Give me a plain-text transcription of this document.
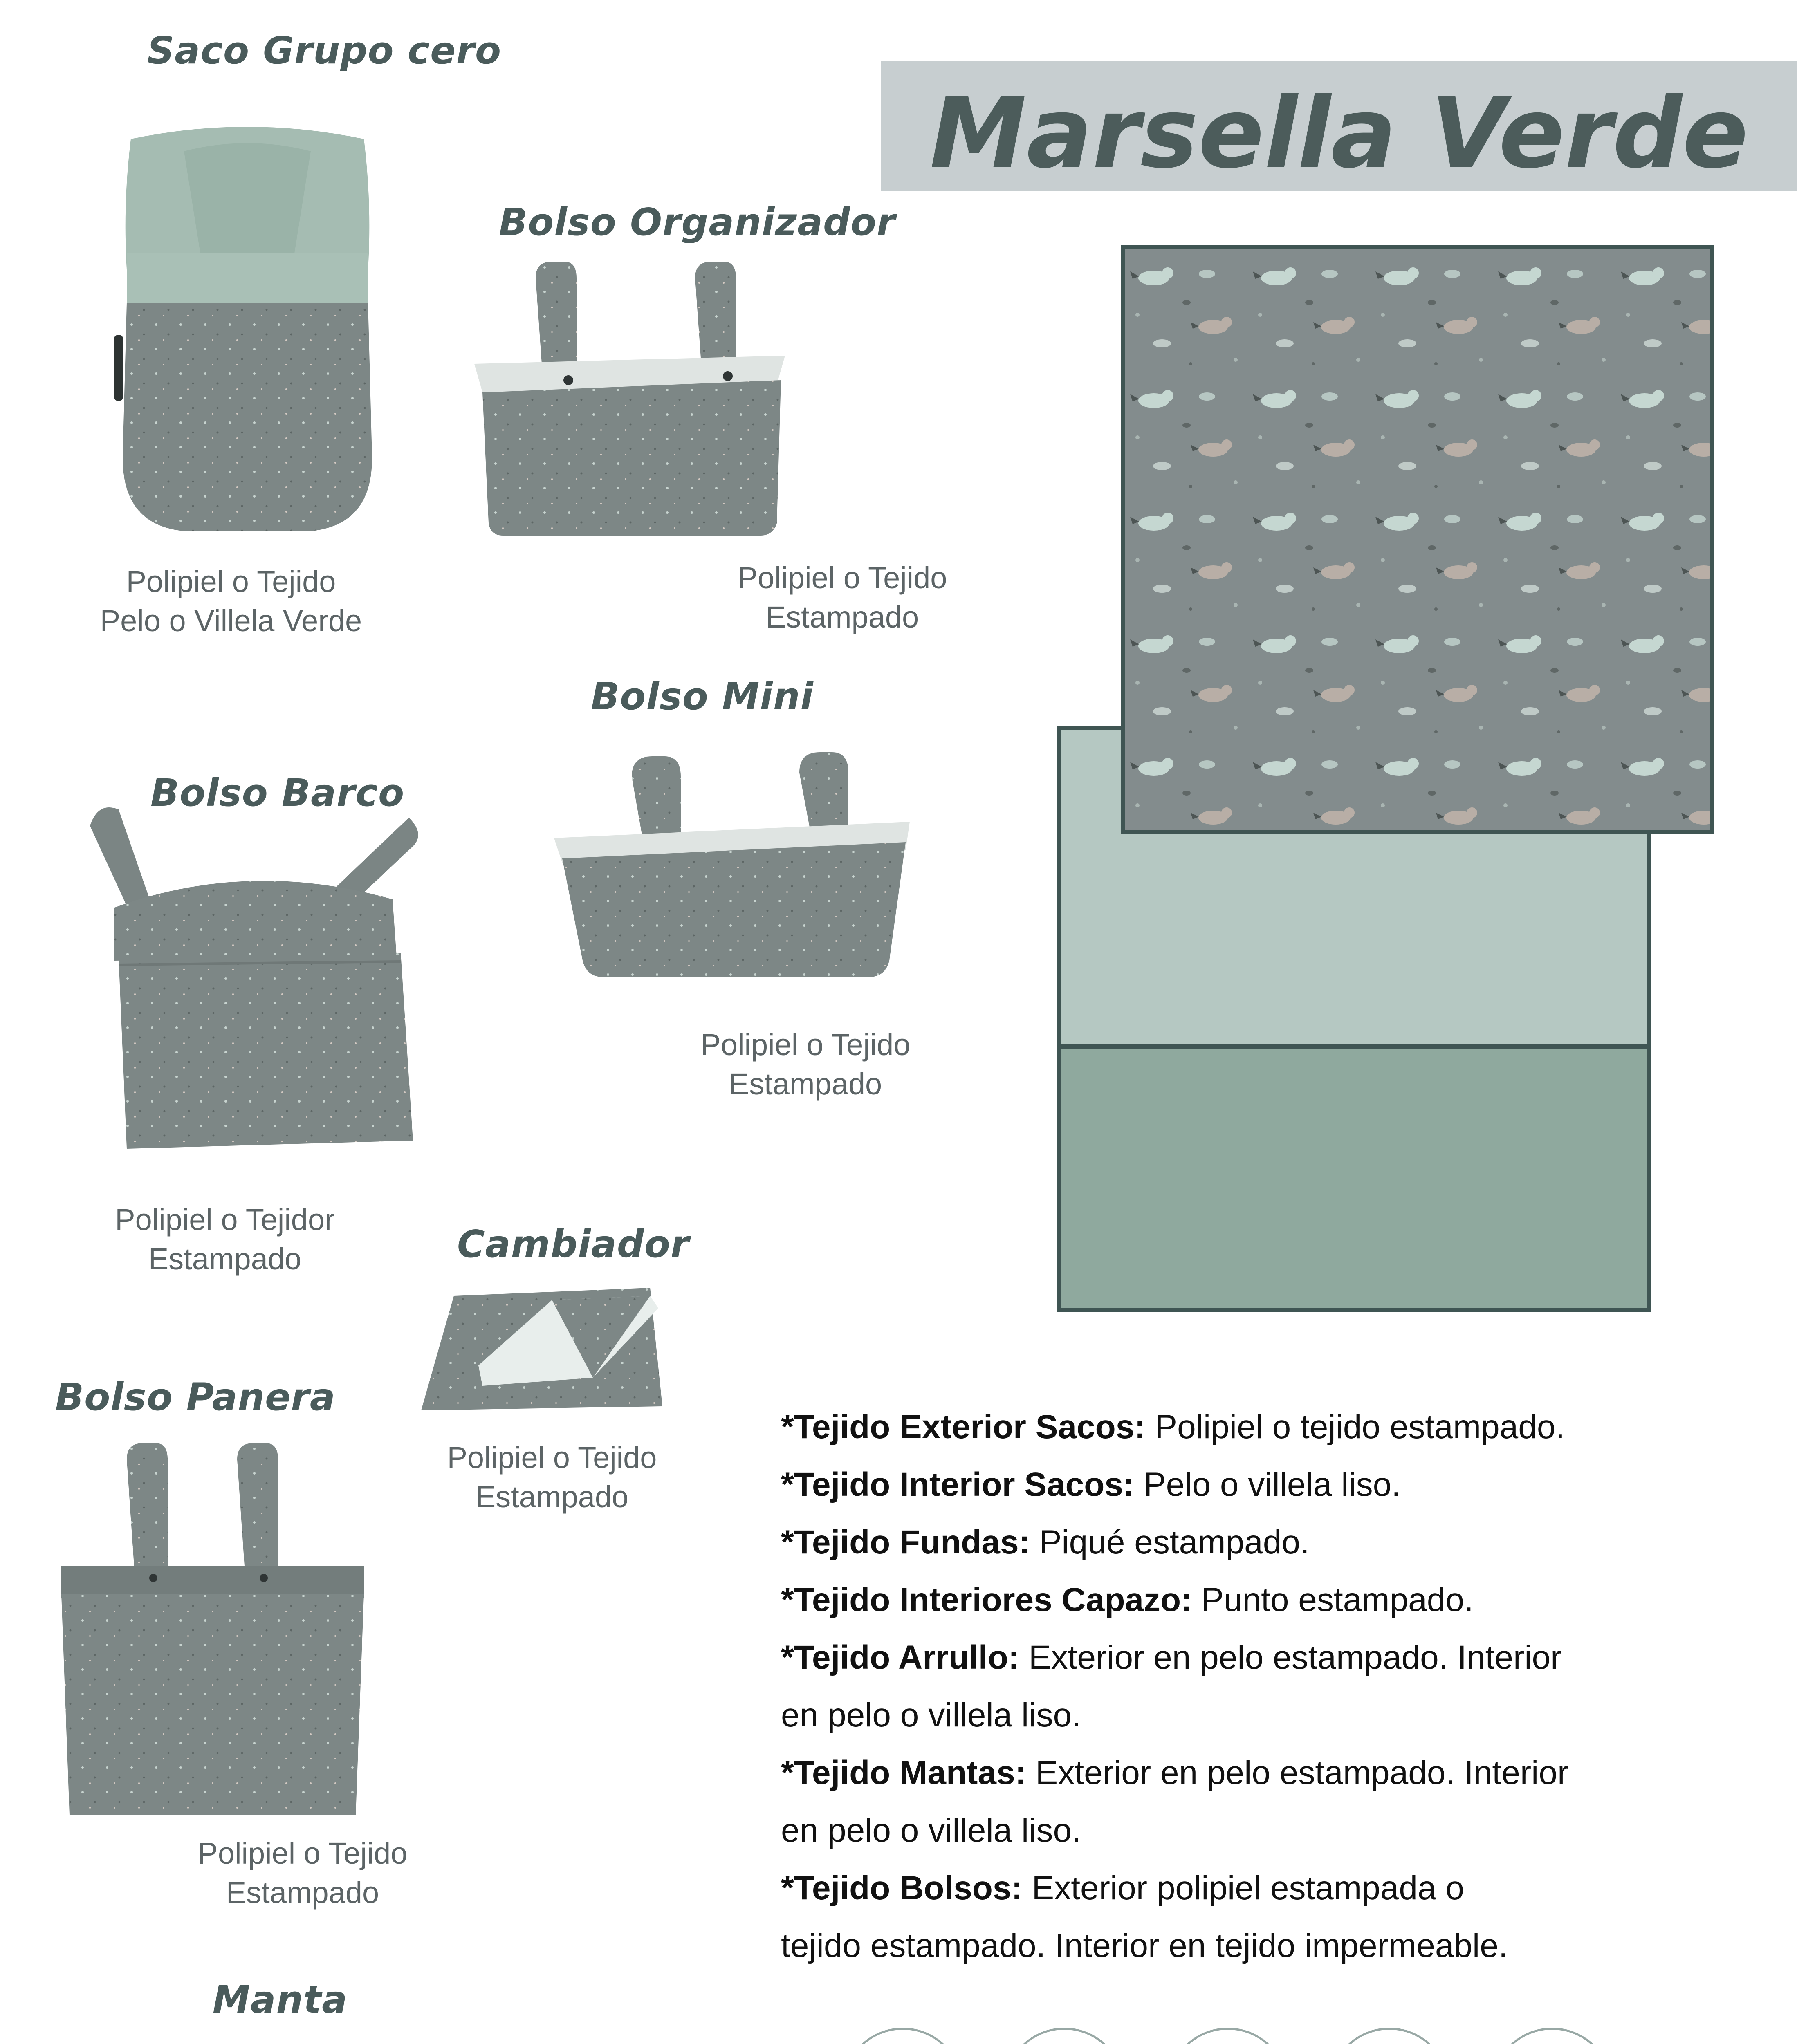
Marsella Verde
Saco Grupo cero
Bolso Organizador
Bolso Mini
Bolso Barco
Cambiador
Bolso Panera
Manta
Polipiel o Tejido
Pelo o Villela Verde
Polipiel o Tejido
Estampado
Polipiel o Tejido
Estampado
Polipiel o Tejidor
Estampado
Polipiel o Tejido
Estampado
Polipiel o Tejido
Estampado
*Tejido Exterior Sacos: Polipiel o tejido estampado.
*Tejido Interior Sacos: Pelo o villela liso.
*Tejido Fundas: Piqué estampado.
*Tejido Interiores Capazo: Punto estampado.
*Tejido Arrullo: Exterior en pelo estampado. Interior
en pelo o villela liso.
*Tejido Mantas: Exterior en pelo estampado. Interior
en pelo o villela liso.
*Tejido Bolsos: Exterior polipiel estampada o
tejido estampado. Interior en tejido impermeable.
